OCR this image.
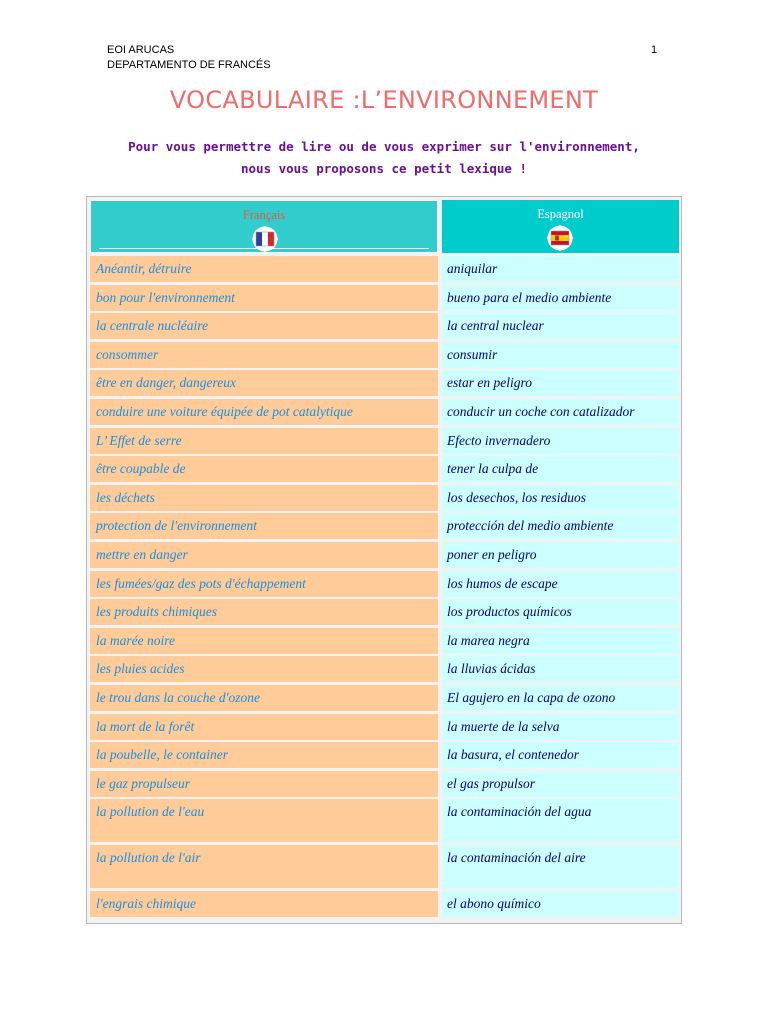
EOI ARUCAS
DEPARTAMENTO DE FRANCÉS
1
VOCABULAIRE :L’ENVIRONNEMENT
Pour vous permettre de lire ou de vous exprimer sur l'environnement,
nous vous proposons ce petit lexique !
Français	Espagnol
Anéantir, détruire	aniquilar
bon pour l'environnement	bueno para el medio ambiente
la centrale nucléaire	la central nuclear
consommer	consumir
être en danger, dangereux	estar en peligro
conduire une voiture équipée de pot catalytique	conducir un coche con catalizador
L’ Effet de serre	Efecto invernadero
être coupable de	tener la culpa de
les déchets	los desechos, los residuos
protection de l'environnement	protección del medio ambiente
mettre en danger	poner en peligro
les fumées/gaz des pots d'échappement	los humos de escape
les produits chimiques	los productos químicos
la marée noire	la marea negra
les pluies acides	la lluvias ácidas
le trou dans la couche d'ozone	El agujero en la capa de ozono
la mort de la forêt	la muerte de la selva
la poubelle, le container	la basura, el contenedor
le gaz propulseur	el gas propulsor
la pollution de l'eau	la contaminación del agua
la pollution de l'air	la contaminación del aire
l'engrais chimique	el abono químico
